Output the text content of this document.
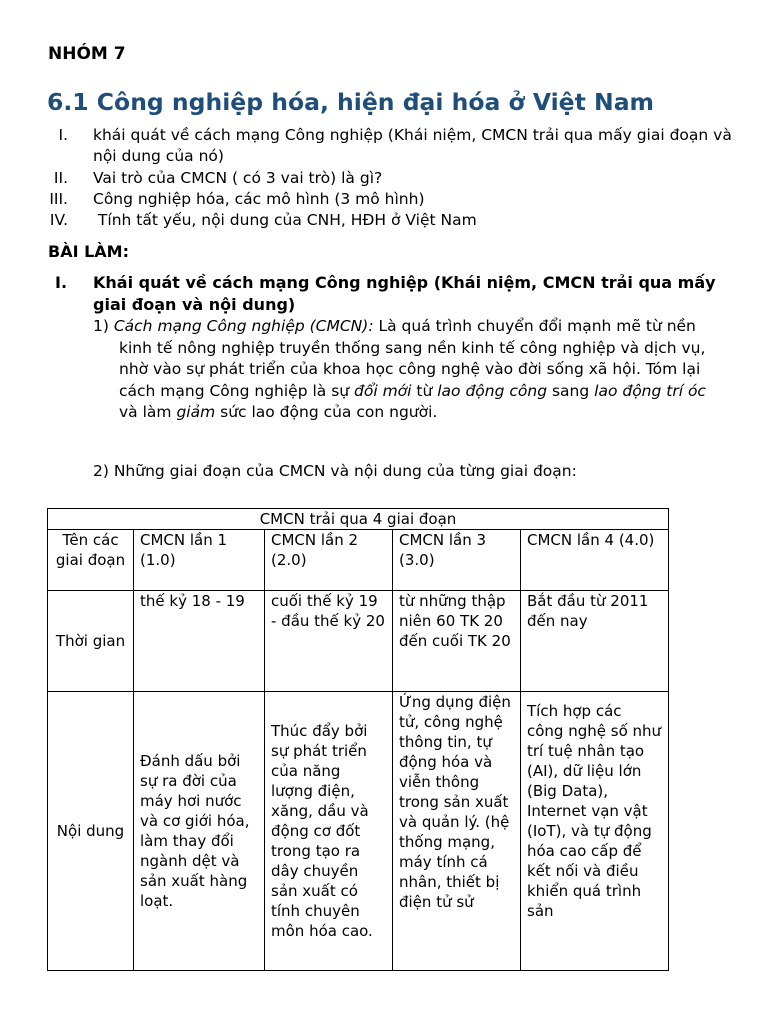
NHÓM 7
6.1 Công nghiệp hóa, hiện đại hóa ở Việt Nam
I. khái quát về cách mạng Công nghiệp (Khái niệm, CMCN trải qua mấy giai đoạn và nội dung của nó)
II. Vai trò của CMCN ( có 3 vai trò) là gì?
III. Công nghiệp hóa, các mô hình (3 mô hình)
IV. Tính tất yếu, nội dung của CNH, HĐH ở Việt Nam
BÀI LÀM:
I. Khái quát về cách mạng Công nghiệp (Khái niệm, CMCN trải qua mấy giai đoạn và nội dung)
1) Cách mạng Công nghiệp (CMCN): Là quá trình chuyển đổi mạnh mẽ từ nền kinh tế nông nghiệp truyền thống sang nền kinh tế công nghiệp và dịch vụ, nhờ vào sự phát triển của khoa học công nghệ vào đời sống xã hội. Tóm lại cách mạng Công nghiệp là sự đổi mới từ lao động công sang lao động trí óc và làm giảm sức lao động của con người.
2) Những giai đoạn của CMCN và nội dung của từng giai đoạn:
CMCN trải qua 4 giai đoạn				
Tên các giai đoạn	CMCN lần 1 (1.0)	CMCN lần 2 (2.0)	CMCN lần 3 (3.0)	CMCN lần 4 (4.0)
Thời gian	thế kỷ 18 - 19	cuối thế kỷ 19 - đầu thế kỷ 20	từ những thập niên 60 TK 20 đến cuối TK 20	Bắt đầu từ 2011 đến nay
Nội dung	Đánh dấu bởi sự ra đời của máy hơi nước và cơ giới hóa, làm thay đổi ngành dệt và sản xuất hàng loạt.	Thúc đẩy bởi sự phát triển của năng lượng điện, xăng, dầu và động cơ đốt trong tạo ra dây chuyền sản xuất có tính chuyên môn hóa cao.	Ứng dụng điện tử, công nghệ thông tin, tự động hóa và viễn thông trong sản xuất và quản lý. (hệ thống mạng, máy tính cá nhân, thiết bị điện tử sử	Tích hợp các công nghệ số như trí tuệ nhân tạo (AI), dữ liệu lớn (Big Data), Internet vạn vật (IoT), và tự động hóa cao cấp để kết nối và điều khiển quá trình sản
